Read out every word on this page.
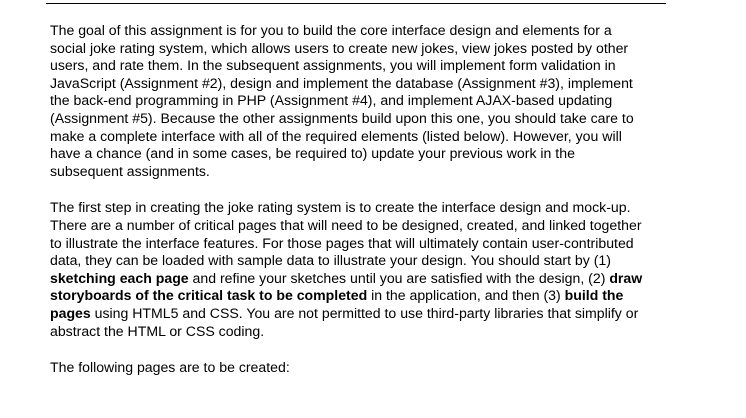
The goal of this assignment is for you to build the core interface design and elements for a
social joke rating system, which allows users to create new jokes, view jokes posted by other
users, and rate them. In the subsequent assignments, you will implement form validation in
JavaScript (Assignment #2), design and implement the database (Assignment #3), implement
the back-end programming in PHP (Assignment #4), and implement AJAX-based updating
(Assignment #5). Because the other assignments build upon this one, you should take care to
make a complete interface with all of the required elements (listed below). However, you will
have a chance (and in some cases, be required to) update your previous work in the
subsequent assignments.

The first step in creating the joke rating system is to create the interface design and mock-up.
There are a number of critical pages that will need to be designed, created, and linked together
to illustrate the interface features. For those pages that will ultimately contain user-contributed
data, they can be loaded with sample data to illustrate your design. You should start by (1)
sketching each page and refine your sketches until you are satisfied with the design, (2) draw
storyboards of the critical task to be completed in the application, and then (3) build the
pages using HTML5 and CSS. You are not permitted to use third-party libraries that simplify or
abstract the HTML or CSS coding.

The following pages are to be created:
